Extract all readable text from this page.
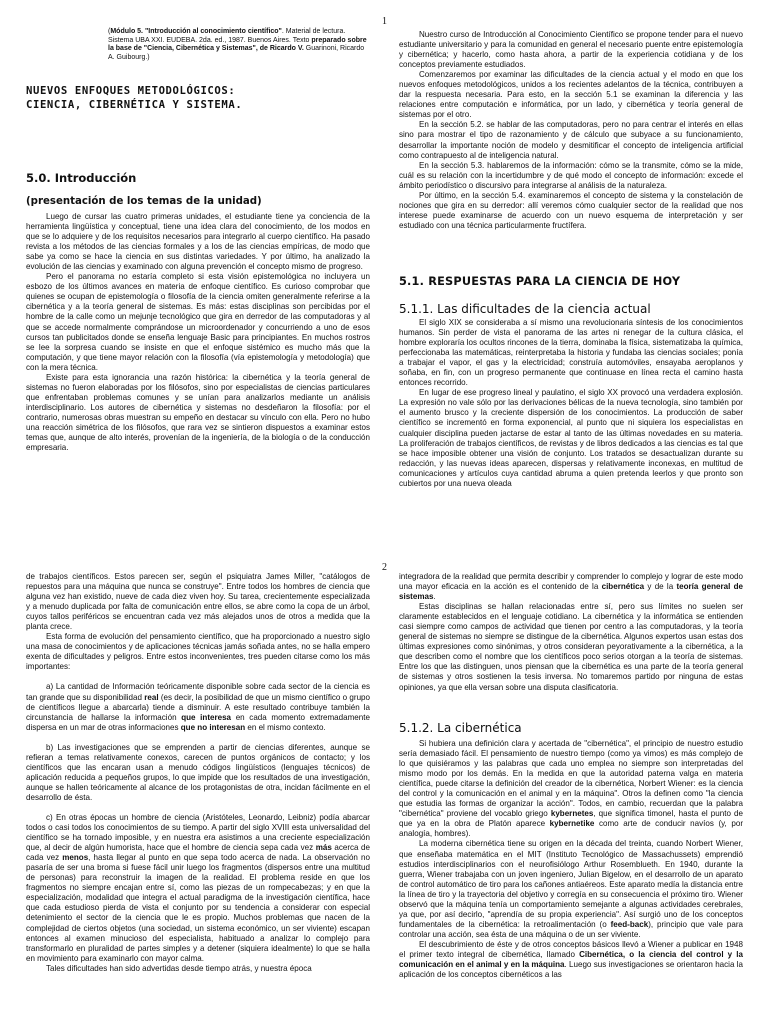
1
(Módulo 5. "Introducción al conocimiento científico". Material de lectura. Sistema UBA XXI. EUDEBA. 2da. ed., 1987. Buenos Aires. Texto preparado sobre la base de "Ciencia, Cibernética y Sistemas", de Ricardo V. Guarinoni, Ricardo A. Guibourg.)
NUEVOS ENFOQUES METODOLÓGICOS:
CIENCIA, CIBERNÉTICA Y SISTEMA.
5.0. Introducción
(presentación de los temas de la unidad)

Luego de cursar las cuatro primeras unidades, el estudiante tiene ya conciencia de la herramienta lingüística y conceptual, tiene una idea clara del conocimiento, de los modos en que se lo adquiere y de los requisitos necesarios para integrarlo al cuerpo científico. Ha pasado revista a los métodos de las ciencias formales y a los de las ciencias empíricas, de modo que sabe ya como se hace la ciencia en sus distintas variedades. Y por último, ha analizado la evolución de las ciencias y examinado con alguna prevención el concepto mismo de progreso.

Pero el panorama no estaría completo si esta visión epistemológica no incluyera un esbozo de los últimos avances en materia de enfoque científico. Es curioso comprobar que quienes se ocupan de epistemología o filosofía de la ciencia omiten generalmente referirse a la cibernética y a la teoría general de sistemas. Es más: estas disciplinas son percibidas por el hombre de la calle como un mejunje tecnológico que gira en derredor de las computadoras y al que se accede normalmente comprándose un microordenador y concurriendo a uno de esos cursos tan publicitados donde se enseña lenguaje Basic para principiantes. En muchos rostros se lee la sorpresa cuando se insiste en que el enfoque sistémico es mucho más que la computación, y que tiene mayor relación con la filosofía (vía epistemología y metodología) que con la mera técnica.

Existe para esta ignorancia una razón histórica: la cibernética y la teoría general de sistemas no fueron elaboradas por los filósofos, sino por especialistas de ciencias particulares que enfrentaban problemas comunes y se unían para analizarlos mediante un análisis interdisciplinario. Los autores de cibernética y sistemas no desdeñaron la filosofía: por el contrario, numerosas obras muestran su empeño en destacar su vínculo con ella. Pero no hubo una reacción simétrica de los filósofos, que rara vez se sintieron dispuestos a examinar estos temas que, aunque de alto interés, provenían de la ingeniería, de la biología o de la conducción empresaria.

Nuestro curso de Introducción al Conocimiento Científico se propone tender para el nuevo estudiante universitario y para la comunidad en general el necesario puente entre epistemología y cibernética; y hacerlo, como hasta ahora, a partir de la experiencia cotidiana y de los conceptos previamente estudiados.

Comenzaremos por examinar las dificultades de la ciencia actual y el modo en que los nuevos enfoques metodológicos, unidos a los recientes adelantos de la técnica, contribuyen a dar la respuesta necesaria. Para esto, en la sección 5.1 se examinan la diferencia y las relaciones entre computación e informática, por un lado, y cibernética y teoría general de sistemas por el otro.

En la sección 5.2. se hablar de las computadoras, pero no para centrar el interés en ellas sino para mostrar el tipo de razonamiento y de cálculo que subyace a su funcionamiento, desarrollar la importante noción de modelo y desmitificar el concepto de inteligencia artificial como contrapuesto al de inteligencia natural.

En la sección 5.3. hablaremos de la información: cómo se la transmite, cómo se la mide, cuál es su relación con la incertidumbre y de qué modo el concepto de información: excede el ámbito periodístico o discursivo para integrarse al análisis de la naturaleza.

Por último, en la sección 5.4. examinaremos el concepto de sistema y la constelación de nociones que gira en su derredor: allí veremos cómo cualquier sector de la realidad que nos interese puede examinarse de acuerdo con un nuevo esquema de interpretación y ser estudiado con una técnica particularmente fructífera.

5.1. RESPUESTAS PARA LA CIENCIA DE HOY
5.1.1. Las dificultades de la ciencia actual

El siglo XIX se consideraba a sí mismo una revolucionaria síntesis de los conocimientos humanos. Sin perder de vista el panorama de las artes ni renegar de la cultura clásica, el hombre exploraría los ocultos rincones de la tierra, dominaba la física, sistematizaba la química, perfeccionaba las matemáticas, reinterpretaba la historia y fundaba las ciencias sociales; ponía a trabajar el vapor, el gas y la electricidad; construía automóviles, ensayaba aeroplanos y soñaba, en fin, con un progreso permanente que continuase en línea recta el camino hasta entonces recorrido.

En lugar de ese progreso lineal y paulatino, el siglo XX provocó una verdadera explosión. La expresión no vale sólo por las derivaciones bélicas de la nueva tecnología, sino también por el aumento brusco y la creciente dispersión de los conocimientos. La producción de saber científico se incrementó en forma exponencial, al punto que ni siquiera los especialistas en cualquier disciplina pueden jactarse de estar al tanto de las últimas novedades en su materia. La proliferación de trabajos científicos, de revistas y de libros dedicados a las ciencias es tal que se hace imposible obtener una visión de conjunto. Los tratados se desactualizan durante su redacción, y las nuevas ideas aparecen, dispersas y relativamente inconexas, en multitud de comunicaciones y artículos cuya cantidad abruma a quien pretenda leerlos y que pronto son cubiertos por una nueva oleada

2

de trabajos científicos. Estos parecen ser, según el psiquiatra James Miller, "catálogos de repuestos para una máquina que nunca se construye". Entre todos los hombres de ciencia que alguna vez han existido, nueve de cada diez viven hoy. Su tarea, crecientemente especializada y a menudo duplicada por falta de comunicación entre ellos, se abre como la copa de un árbol, cuyos tallos periféricos se encuentran cada vez más alejados unos de otros a medida que la planta crece.

Esta forma de evolución del pensamiento científico, que ha proporcionado a nuestro siglo una masa de conocimientos y de aplicaciones técnicas jamás soñada antes, no se halla empero exenta de dificultades y peligros. Entre estos inconvenientes, tres pueden citarse como los más importantes:

a) La cantidad de Información teóricamente disponible sobre cada sector de la ciencia es tan grande que su disponibilidad real (es decir, la posibilidad de que un mismo científico o grupo de científicos llegue a abarcarla) tiende a disminuir. A este resultado contribuye también la circunstancia de hallarse la información que interesa en cada momento extremadamente dispersa en un mar de otras informaciones que no interesan en el mismo contexto.

b) Las investigaciones que se emprenden a partir de ciencias diferentes, aunque se refieran a temas relativamente conexos, carecen de puntos orgánicos de contacto; y los científicos que las encaran usan a menudo códigos lingüísticos (lenguajes técnicos) de aplicación reducida a pequeños grupos, lo que impide que los resultados de una investigación, aunque se hallen teóricamente al alcance de los protagonistas de otra, incidan fácilmente en el desarrollo de ésta.

c) En otras épocas un hombre de ciencia (Aristóteles, Leonardo, Leibniz) podía abarcar todos o casi todos los conocimientos de su tiempo. A partir del siglo XVIII esta universalidad del científico se ha tornado imposible, y en nuestra era asistimos a una creciente especialización que, al decir de algún humorista, hace que el hombre de ciencia sepa cada vez más acerca de cada vez menos, hasta llegar al punto en que sepa todo acerca de nada. La observación no pasaría de ser una broma si fuese fácil unir luego los fragmentos (dispersos entre una multitud de personas) para reconstruir la imagen de la realidad. El problema reside en que los fragmentos no siempre encajan entre sí, como las piezas de un rompecabezas; y en que la especialización, modalidad que integra el actual paradigma de la investigación científica, hace que cada estudioso pierda de vista el conjunto por su tendencia a considerar con especial detenimiento el sector de la ciencia que le es propio. Muchos problemas que nacen de la complejidad de ciertos objetos (una sociedad, un sistema económico, un ser viviente) escapan entonces al examen minucioso del especialista, habituado a analizar lo complejo para transformarlo en pluralidad de partes simples y a detener (siquiera idealmente) lo que se halla en movimiento para examinarlo con mayor calma.

Tales dificultades han sido advertidas desde tiempo atrás, y nuestra época

integradora de la realidad que permita describir y comprender lo complejo y lograr de este modo una mayor eficacia en la acción es el contenido de la cibernética y de la teoría general de sistemas.

Estas disciplinas se hallan relacionadas entre sí, pero sus límites no suelen ser claramente establecidos en el lenguaje cotidiano. La cibernética y la informática se entienden casi siempre como campos de actividad que tienen por centro a las computadoras, y la teoría general de sistemas no siempre se distingue de la cibernética. Algunos expertos usan estas dos últimas expresiones como sinónimas, y otros consideran peyorativamente a la cibernética, a la que describen como el nombre que los científicos poco serios otorgan a la teoría de sistemas. Entre los que las distinguen, unos piensan que la cibernética es una parte de la teoría general de sistemas y otros sostienen la tesis inversa. No tomaremos partido por ninguna de estas opiniones, ya que ella versan sobre una disputa clasificatoria.

5.1.2. La cibernética

Si hubiera una definición clara y acertada de "cibernética", el principio de nuestro estudio sería demasiado fácil. El pensamiento de nuestro tiempo (como ya vimos) es más complejo de lo que quisiéramos y las palabras que cada uno emplea no siempre son interpretadas del mismo modo por los demás. En la medida en que la autoridad paterna valga en materia científica, puede citarse la definición del creador de la cibernética, Norbert Wiener: es la ciencia del control y la comunicación en el animal y en la máquina". Otros la definen como "la ciencia que estudia las formas de organizar la acción". Todos, en cambio, recuerdan que la palabra "cibernética" proviene del vocablo griego kybernetes, que significa timonel, hasta el punto de que ya en la obra de Platón aparece kybernetike como arte de conducir navíos (y, por analogía, hombres).

La moderna cibernética tiene su origen en la década del treinta, cuando Norbert Wiener, que enseñaba matemática en el MIT (Instituto Tecnológico de Massachussets) emprendió estudios interdisciplinarios con el neurofisiólogo Arthur Rosemblueth. En 1940, durante la guerra, Wiener trabajaba con un joven ingeniero, Julian Bigelow, en el desarrollo de un aparato de control automático de tiro para los cañones antiaéreos. Este aparato medía la distancia entre la línea de tiro y la trayectoria del objetivo y corregía en su consecuencia el próximo tiro. Wiener observó que la máquina tenía un comportamiento semejante a algunas actividades cerebrales, ya que, por así decirlo, "aprendía de su propia experiencia". Así surgió uno de los conceptos fundamentales de la cibernética: la retroalimentación (o feed-back), principio que vale para controlar una acción, sea ésta de una máquina o de un ser viviente.

El descubrimiento de éste y de otros conceptos básicos llevó a Wiener a publicar en 1948 el primer texto integral de cibernética, llamado Cibernética, o la ciencia del control y la comunicación en el animal y en la máquina. Luego sus investigaciones se orientaron hacia la aplicación de los conceptos cibernéticos a las
